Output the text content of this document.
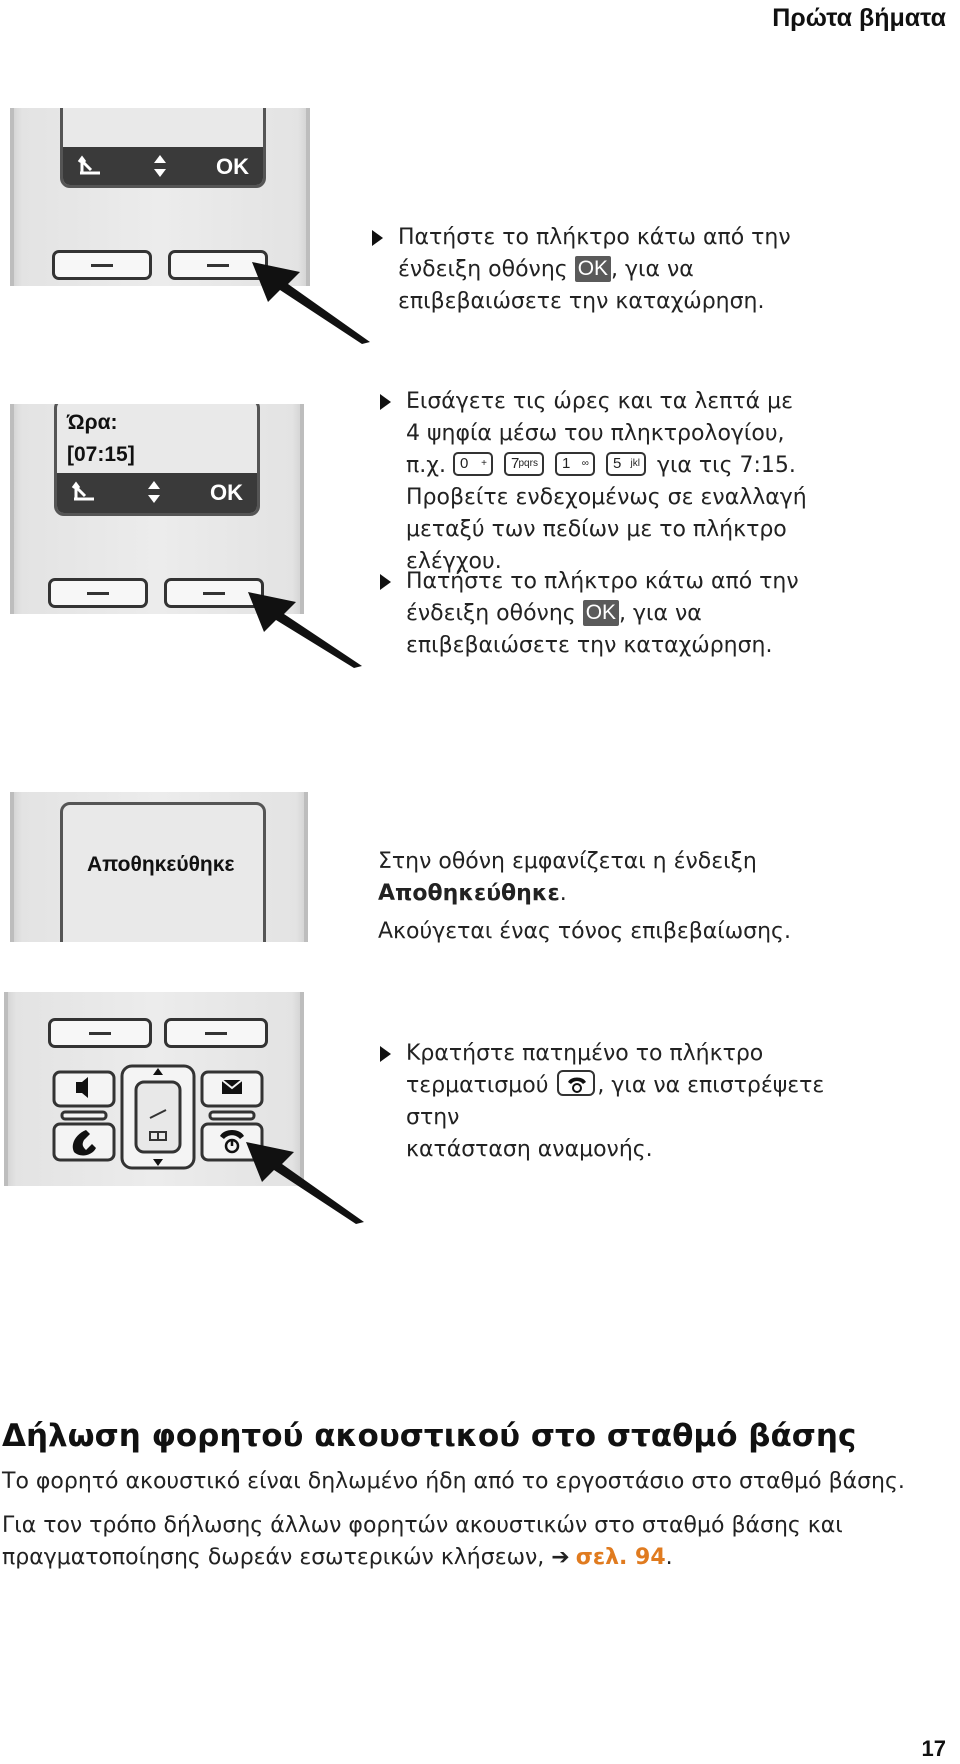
Πρώτα βήματα
OK
Πατήστε το πλήκτρο κάτω από την ένδειξη οθόνης OK , για να επιβεβαιώσετε την καταχώρηση.
Ώρα:
[07:15]
OK
Εισάγετε τις ώρες και τα λεπτά με
4 ψηφία μέσω του πληκτρολογίου,
π.χ. 0 +
7 pqrs
1 ∞
5 jkl για τις 7:15.
Προβείτε ενδεχομένως σε εναλλαγή
μεταξύ των πεδίων με το πλήκτρο
ελέγχου.
Πατήστε το πλήκτρο κάτω από την
ένδειξη οθόνης OK , για να
επιβεβαιώσετε την καταχώρηση.
Αποθηκεύθηκε	Στην οθόνη εμφανίζεται η ένδειξη
Αποθηκεύθηκε.
Ακούγεται ένας τόνος επιβεβαίωσης.
Κρατήστε πατημένο το πλήκτρο
τερματισμού
, για να επιστρέψετε στην
κατάσταση αναμονής.
Δήλωση φορητού ακουστικού στο σταθμό βάσης
Το φορητό ακουστικό είναι δηλωμένο ήδη από το εργοστάσιο στο σταθμό βάσης.
Για τον τρόπο δήλωσης άλλων φορητών ακουστικών στο σταθμό βάσης και
πραγματοποίησης δωρεάν εσωτερικών κλήσεων, ➔ σελ. 94.
17
